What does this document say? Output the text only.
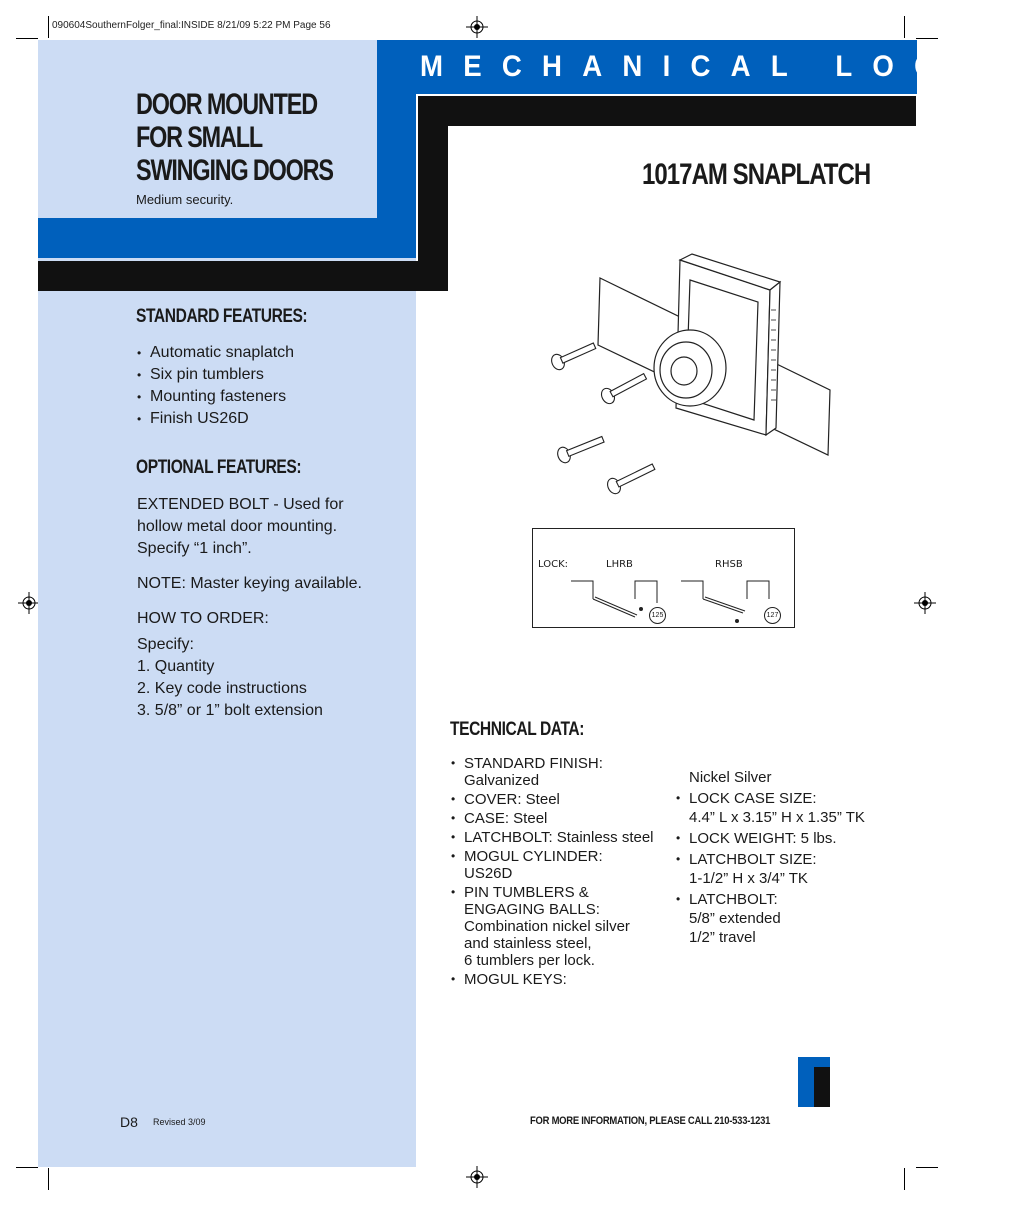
090604SouthernFolger_final:INSIDE 8/21/09 5:22 PM Page 56
MECHANICAL LOCKS
DOOR MOUNTED
FOR SMALL
SWINGING DOORS
Medium security.
1017AM SNAPLATCH
LOCK:	LHRB	RHSB
125	127
STANDARD FEATURES:
• Automatic snaplatch
• Six pin tumblers
• Mounting fasteners
• Finish US26D
OPTIONAL FEATURES:
EXTENDED BOLT - Used for
hollow metal door mounting.
Specify “1 inch”.
NOTE: Master keying available.
HOW TO ORDER:
Specify:
1. Quantity
2. Key code instructions
3. 5/8” or 1” bolt extension
TECHNICAL DATA:
• STANDARD FINISH:
Galvanized
• COVER: Steel
• CASE: Steel
• LATCHBOLT: Stainless steel
• MOGUL CYLINDER:
US26D
• PIN TUMBLERS &
ENGAGING BALLS:
Combination nickel silver
and stainless steel,
6 tumblers per lock.
• MOGUL KEYS:
Nickel Silver
• LOCK CASE SIZE:
4.4” L x 3.15” H x 1.35” TK
• LOCK WEIGHT: 5 lbs.
• LATCHBOLT SIZE:
1-1/2” H x 3/4” TK
• LATCHBOLT:
5/8” extended
1/2” travel
D8 Revised 3/09	FOR MORE INFORMATION, PLEASE CALL 210-533-1231
